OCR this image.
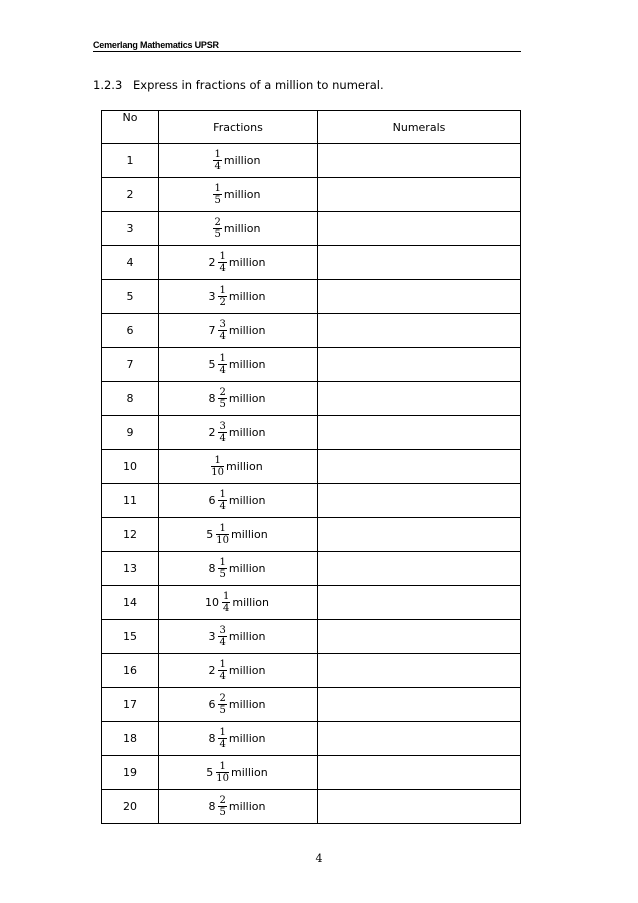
Cemerlang Mathematics UPSR
1.2.3 Express in fractions of a million to numeral.
No	Fractions	Numerals
1	$\frac{1}{4}$ million	

2	$\frac{1}{5}$ million	

3	$\frac{2}{5}$ million	

4	$2 \frac{1}{4}$ million	

5	$3 \frac{1}{2}$ million	

6	$7 \frac{3}{4}$ million	

7	$5 \frac{1}{4}$ million	

8	$8 \frac{2}{5}$ million	

9	$2 \frac{3}{4}$ million	

10	$\frac{1}{10}$ million	

11	$6 \frac{1}{4}$ million	

12	$5 \frac{1}{10}$ million	

13	$8 \frac{1}{5}$ million	

14	$10 \frac{1}{4}$ million	

15	$3 \frac{3}{4}$ million	

16	$2 \frac{1}{4}$ million	

17	$6 \frac{2}{5}$ million	

18	$8 \frac{1}{4}$ million	

19	$5 \frac{1}{10}$ million	

20	$8 \frac{2}{5}$ million	

4
